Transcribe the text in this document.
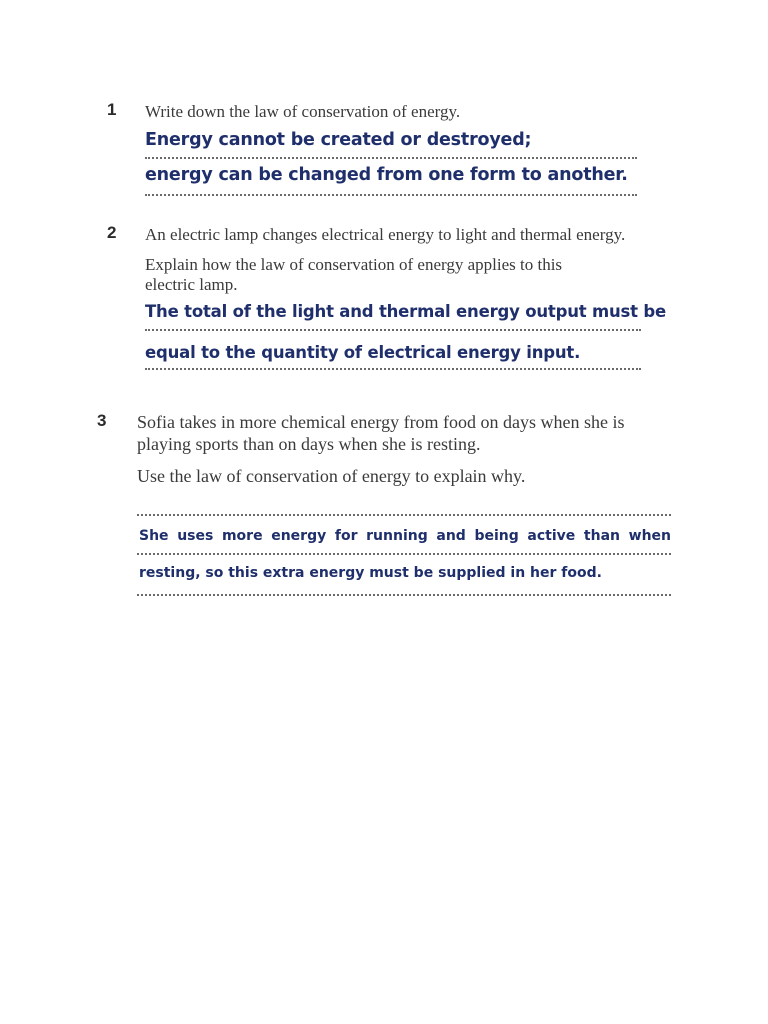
1 Write down the law of conservation of energy.
Energy cannot be created or destroyed;
energy can be changed from one form to another.
2 An electric lamp changes electrical energy to light and thermal energy.
Explain how the law of conservation of energy applies to this
electric lamp.
The total of the light and thermal energy output must be
equal to the quantity of electrical energy input.
3 Sofia takes in more chemical energy from food on days when she is
playing sports than on days when she is resting.
Use the law of conservation of energy to explain why.
She uses more energy for running and being active than when
resting, so this extra energy must be supplied in her food.
